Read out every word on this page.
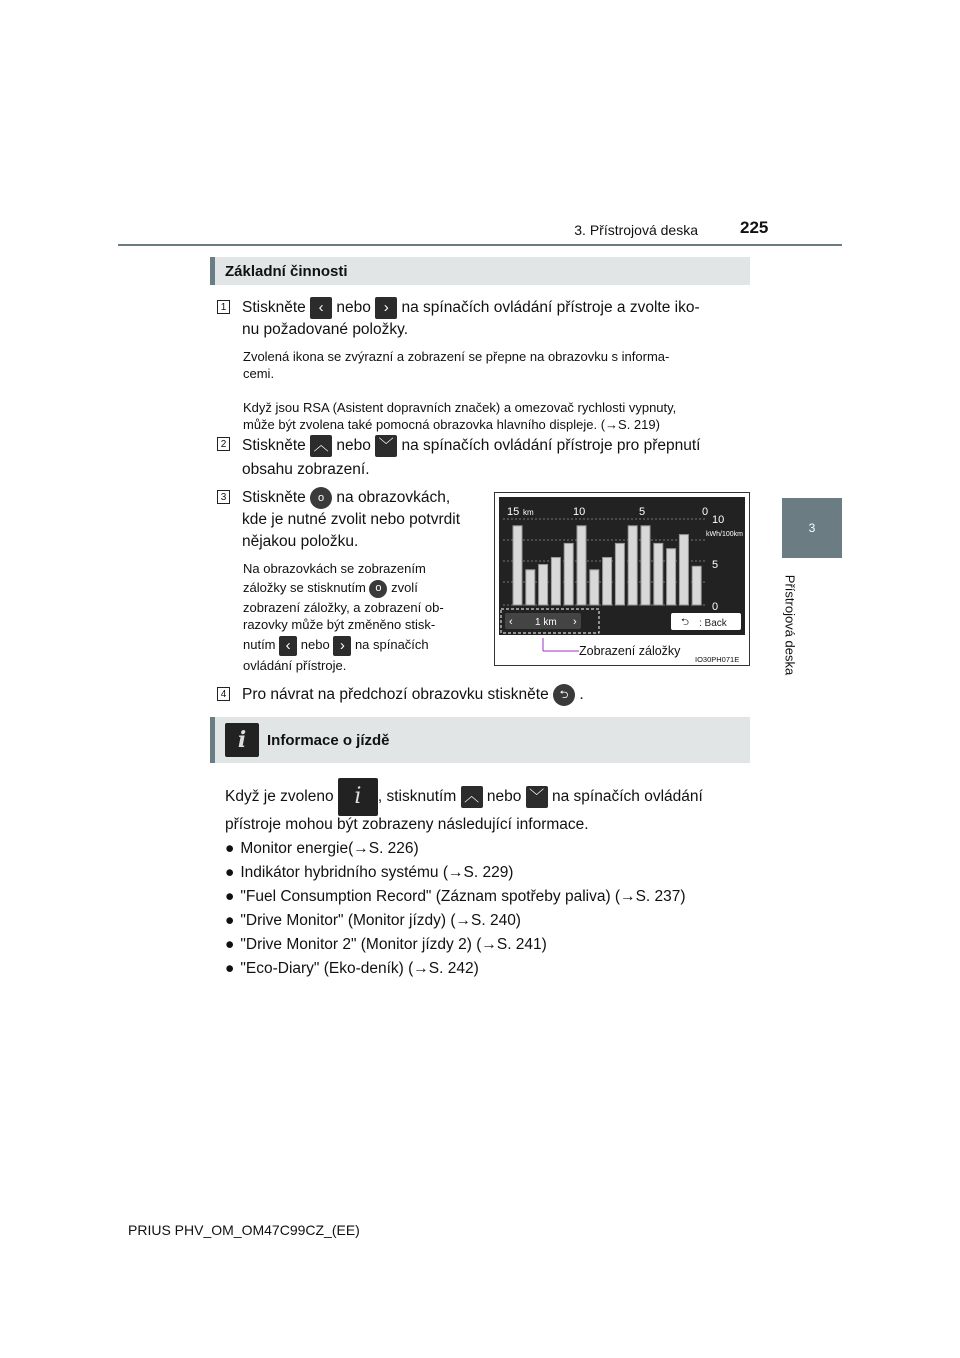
3. Přístrojová deska 225
3
Přístrojová deska
Základní činnosti
1 Stiskněte ‹ nebo › na spínačích ovládání přístroje a zvolte iko-
nu požadované položky.
Zvolená ikona se zvýrazní a zobrazení se přepne na obrazovku s informa-
cemi.

Když jsou RSA (Asistent dopravních značek) a omezovač rychlosti vypnuty,
může být zvolena také pomocná obrazovka hlavního displeje. (→S. 219)
2 Stiskněte ︿ nebo ﹀ na spínačích ovládání přístroje pro přepnutí
obsahu zobrazení.
3 Stiskněte o na obrazovkách,
kde je nutné zvolit nebo potvrdit
nějakou položku.
Na obrazovkách se zobrazením
záložky se stisknutím o zvolí
zobrazení záložky, a zobrazení ob-
razovky může být změněno stisk-
nutím ‹ nebo › na spínačích
ovládání přístroje.
15 km	10	5	0
10
kWh/100km
5
0
‹ 1 km ›	⮌ : Back
Zobrazení záložky
IO30PH071E
4 Pro návrat na předchozí obrazovku stiskněte ⮌ .
i	Informace o jízdě
Když je zvoleno i , stisknutím ︿ nebo ﹀ na spínačích ovládání
přístroje mohou být zobrazeny následující informace.
● Monitor energie(→S. 226)
● Indikátor hybridního systému (→S. 229)
● "Fuel Consumption Record" (Záznam spotřeby paliva) (→S. 237)
● "Drive Monitor" (Monitor jízdy) (→S. 240)
● "Drive Monitor 2" (Monitor jízdy 2) (→S. 241)
● "Eco-Diary" (Eko-deník) (→S. 242)
PRIUS PHV_OM_OM47C99CZ_(EE)
